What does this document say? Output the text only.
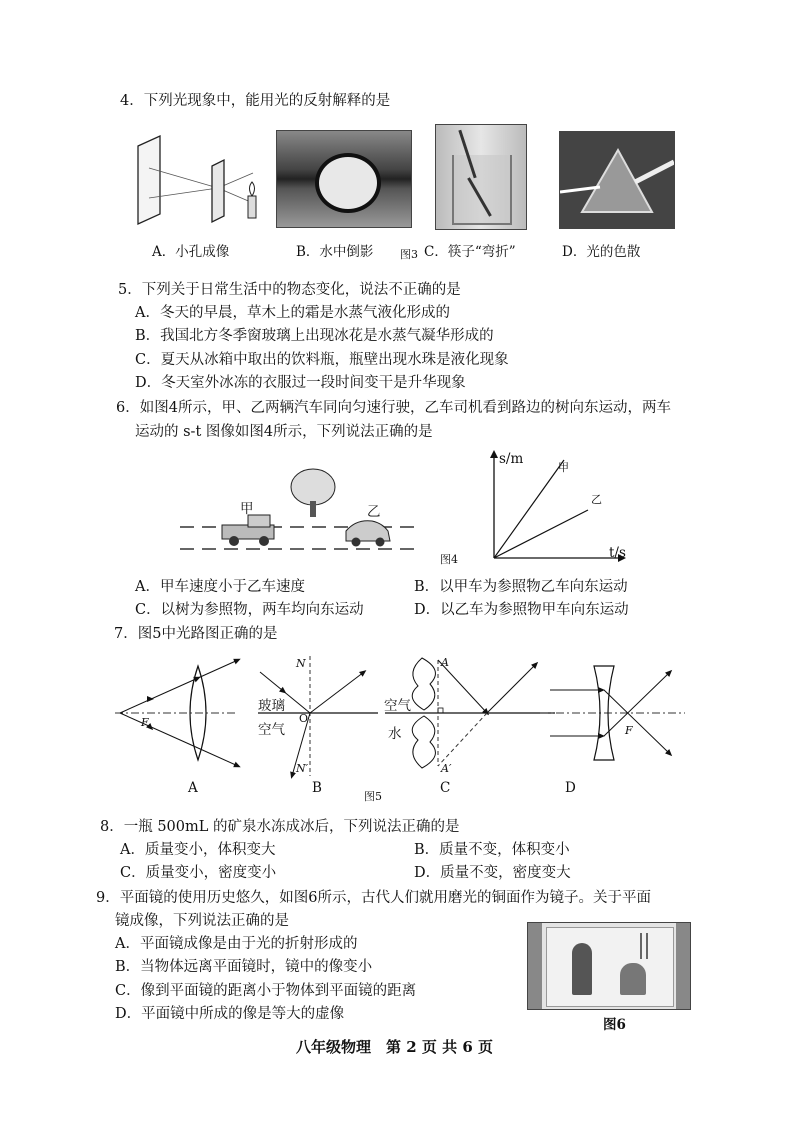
4．下列光现象中，能用光的反射解释的是
A．小孔成像	B．水中倒影 图3 C．筷子“弯折”	D．光的色散
5．下列关于日常生活中的物态变化，说法不正确的是
A．冬天的早晨，草木上的霜是水蒸气液化形成的
B．我国北方冬季窗玻璃上出现冰花是水蒸气凝华形成的
C．夏天从冰箱中取出的饮料瓶，瓶壁出现水珠是液化现象
D．冬天室外冰冻的衣服过一段时间变干是升华现象
6．如图4所示，甲、乙两辆汽车同向匀速行驶，乙车司机看到路边的树向东运动，两车
运动的 s-t 图像如图4所示，下列说法正确的是
甲	乙
图4
s/m
t/s
甲
乙
A．甲车速度小于乙车速度	B．以甲车为参照物乙车向东运动
C．以树为参照物，两车均向东运动	D．以乙车为参照物甲车向东运动
7．图5中光路图正确的是
F
N
N′
O
玻璃
空气
空气
水
A
A′
F
A	B	C	D
图5
8．一瓶 500mL 的矿泉水冻成冰后，下列说法正确的是
A．质量变小，体积变大	B．质量不变，体积变小
C．质量变小，密度变小	D．质量不变，密度变大
9．平面镜的使用历史悠久，如图6所示，古代人们就用磨光的铜面作为镜子。关于平面
镜成像，下列说法正确的是
A．平面镜成像是由于光的折射形成的
B．当物体远离平面镜时，镜中的像变小
C．像到平面镜的距离小于物体到平面镜的距离
D．平面镜中所成的像是等大的虚像
图6
八年级物理　第 2 页 共 6 页
